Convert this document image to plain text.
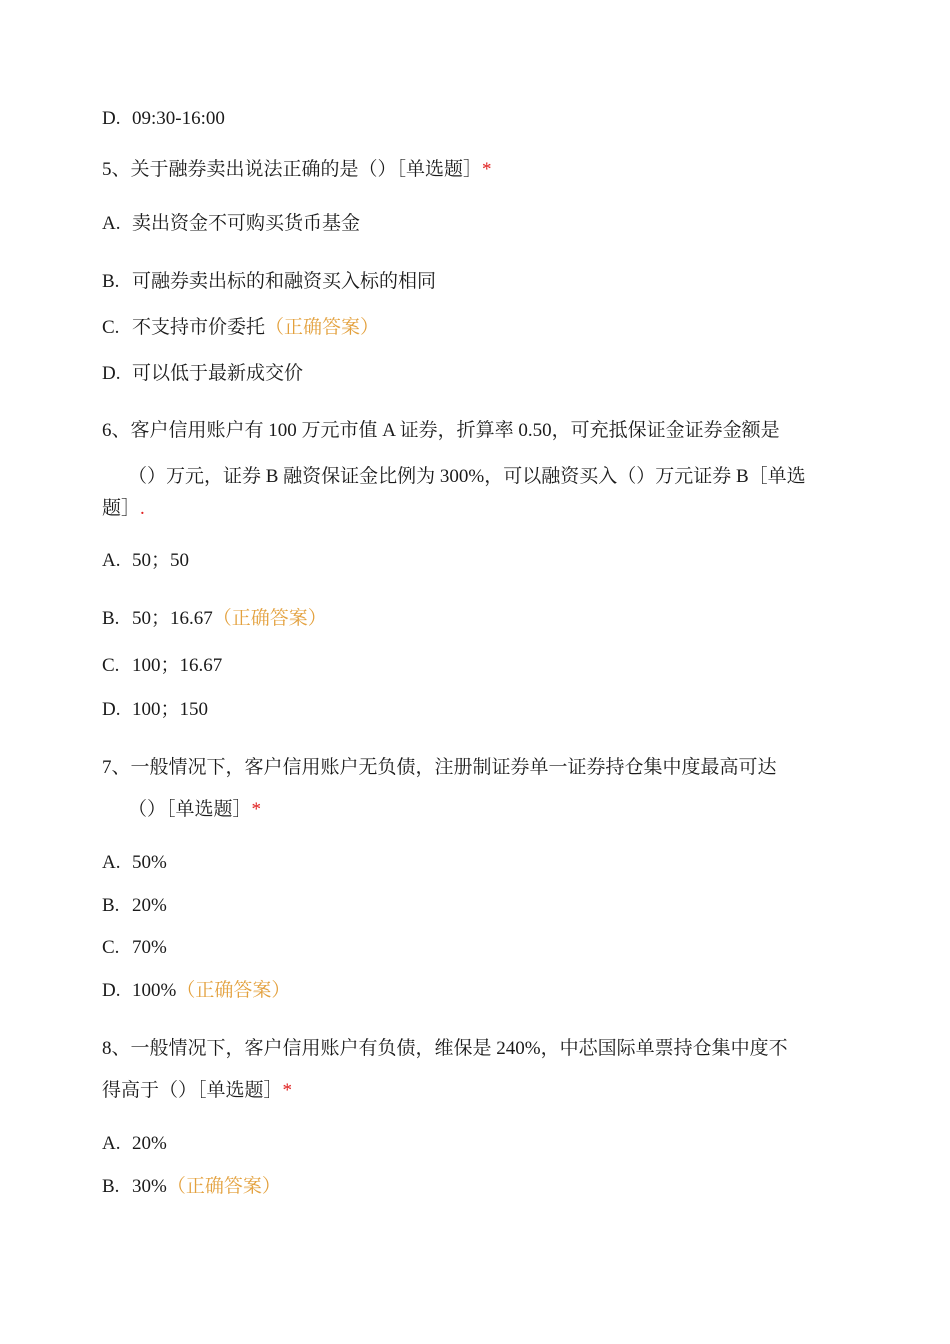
D. 09:30-16:00
5、关于融券卖出说法正确的是（）［单选题］*
A. 卖出资金不可购买货币基金
B. 可融券卖出标的和融资买入标的相同
C. 不支持市价委托（正确答案）
D. 可以低于最新成交价
6、客户信用账户有 100 万元市值 A 证券，折算率 0.50，可充抵保证金证券金额是
（）万元，证券 B 融资保证金比例为 300%，可以融资买入（）万元证券 B［单选
题］.
A. 50；50
B. 50；16.67（正确答案）
C. 100；16.67
D. 100；150
7、一般情况下，客户信用账户无负债，注册制证券单一证券持仓集中度最高可达
（）［单选题］*
A. 50%
B. 20%
C. 70%
D. 100%（正确答案）
8、一般情况下，客户信用账户有负债，维保是 240%，中芯国际单票持仓集中度不
得高于（）［单选题］*
A. 20%
B. 30%（正确答案）
